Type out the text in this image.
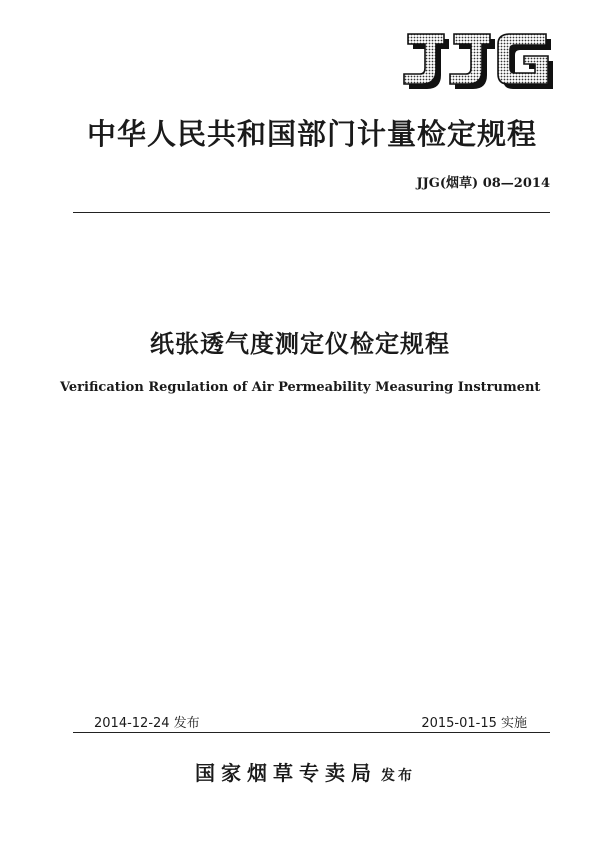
中华人民共和国部门计量检定规程
JJG(烟草) 08—2014
纸张透气度测定仪检定规程
Verification Regulation of Air Permeability Measuring Instrument
2014-12-24 发布	2015-01-15 实施
国家烟草专卖局 发布
